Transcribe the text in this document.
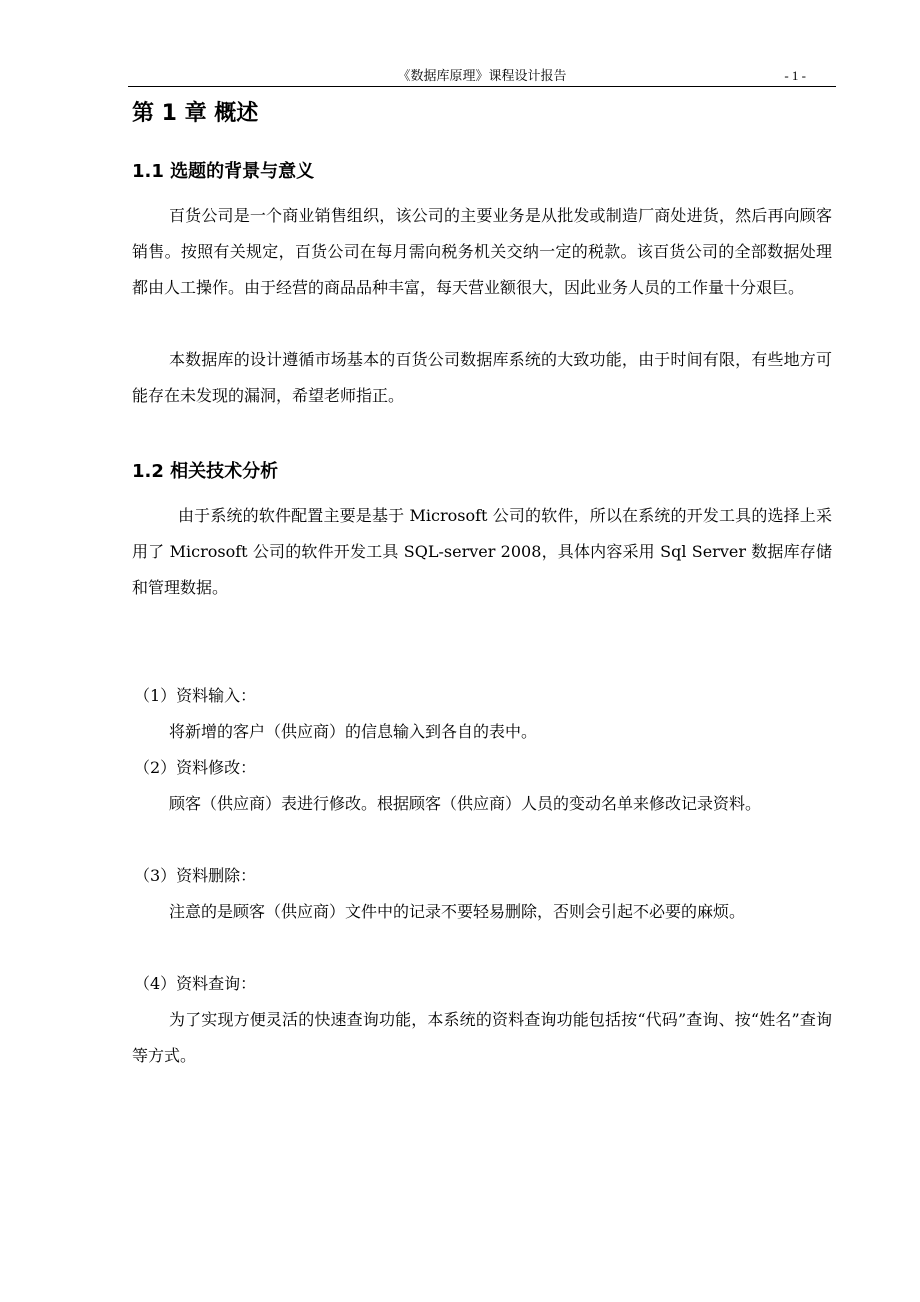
《数据库原理》课程设计报告	- 1 -
第 1 章 概述
1.1 选题的背景与意义

百货公司是一个商业销售组织，该公司的主要业务是从批发或制造厂商处进货，然后再向顾客销售。按照有关规定，百货公司在每月需向税务机关交纳一定的税款。该百货公司的全部数据处理都由人工操作。由于经营的商品品种丰富，每天营业额很大，因此业务人员的工作量十分艰巨。

本数据库的设计遵循市场基本的百货公司数据库系统的大致功能，由于时间有限，有些地方可能存在未发现的漏洞，希望老师指正。

1.2 相关技术分析

由于系统的软件配置主要是基于 Microsoft 公司的软件，所以在系统的开发工具的选择上采用了 Microsoft 公司的软件开发工具 SQL-server 2008，具体内容采用 Sql Server 数据库存储和管理数据。

（1）资料输入：

将新增的客户（供应商）的信息输入到各自的表中。

（2）资料修改：

顾客（供应商）表进行修改。根据顾客（供应商）人员的变动名单来修改记录资料。

（3）资料删除：

注意的是顾客（供应商）文件中的记录不要轻易删除，否则会引起不必要的麻烦。

（4）资料查询：

为了实现方便灵活的快速查询功能，本系统的资料查询功能包括按“代码”查询、按“姓名”查询等方式。
